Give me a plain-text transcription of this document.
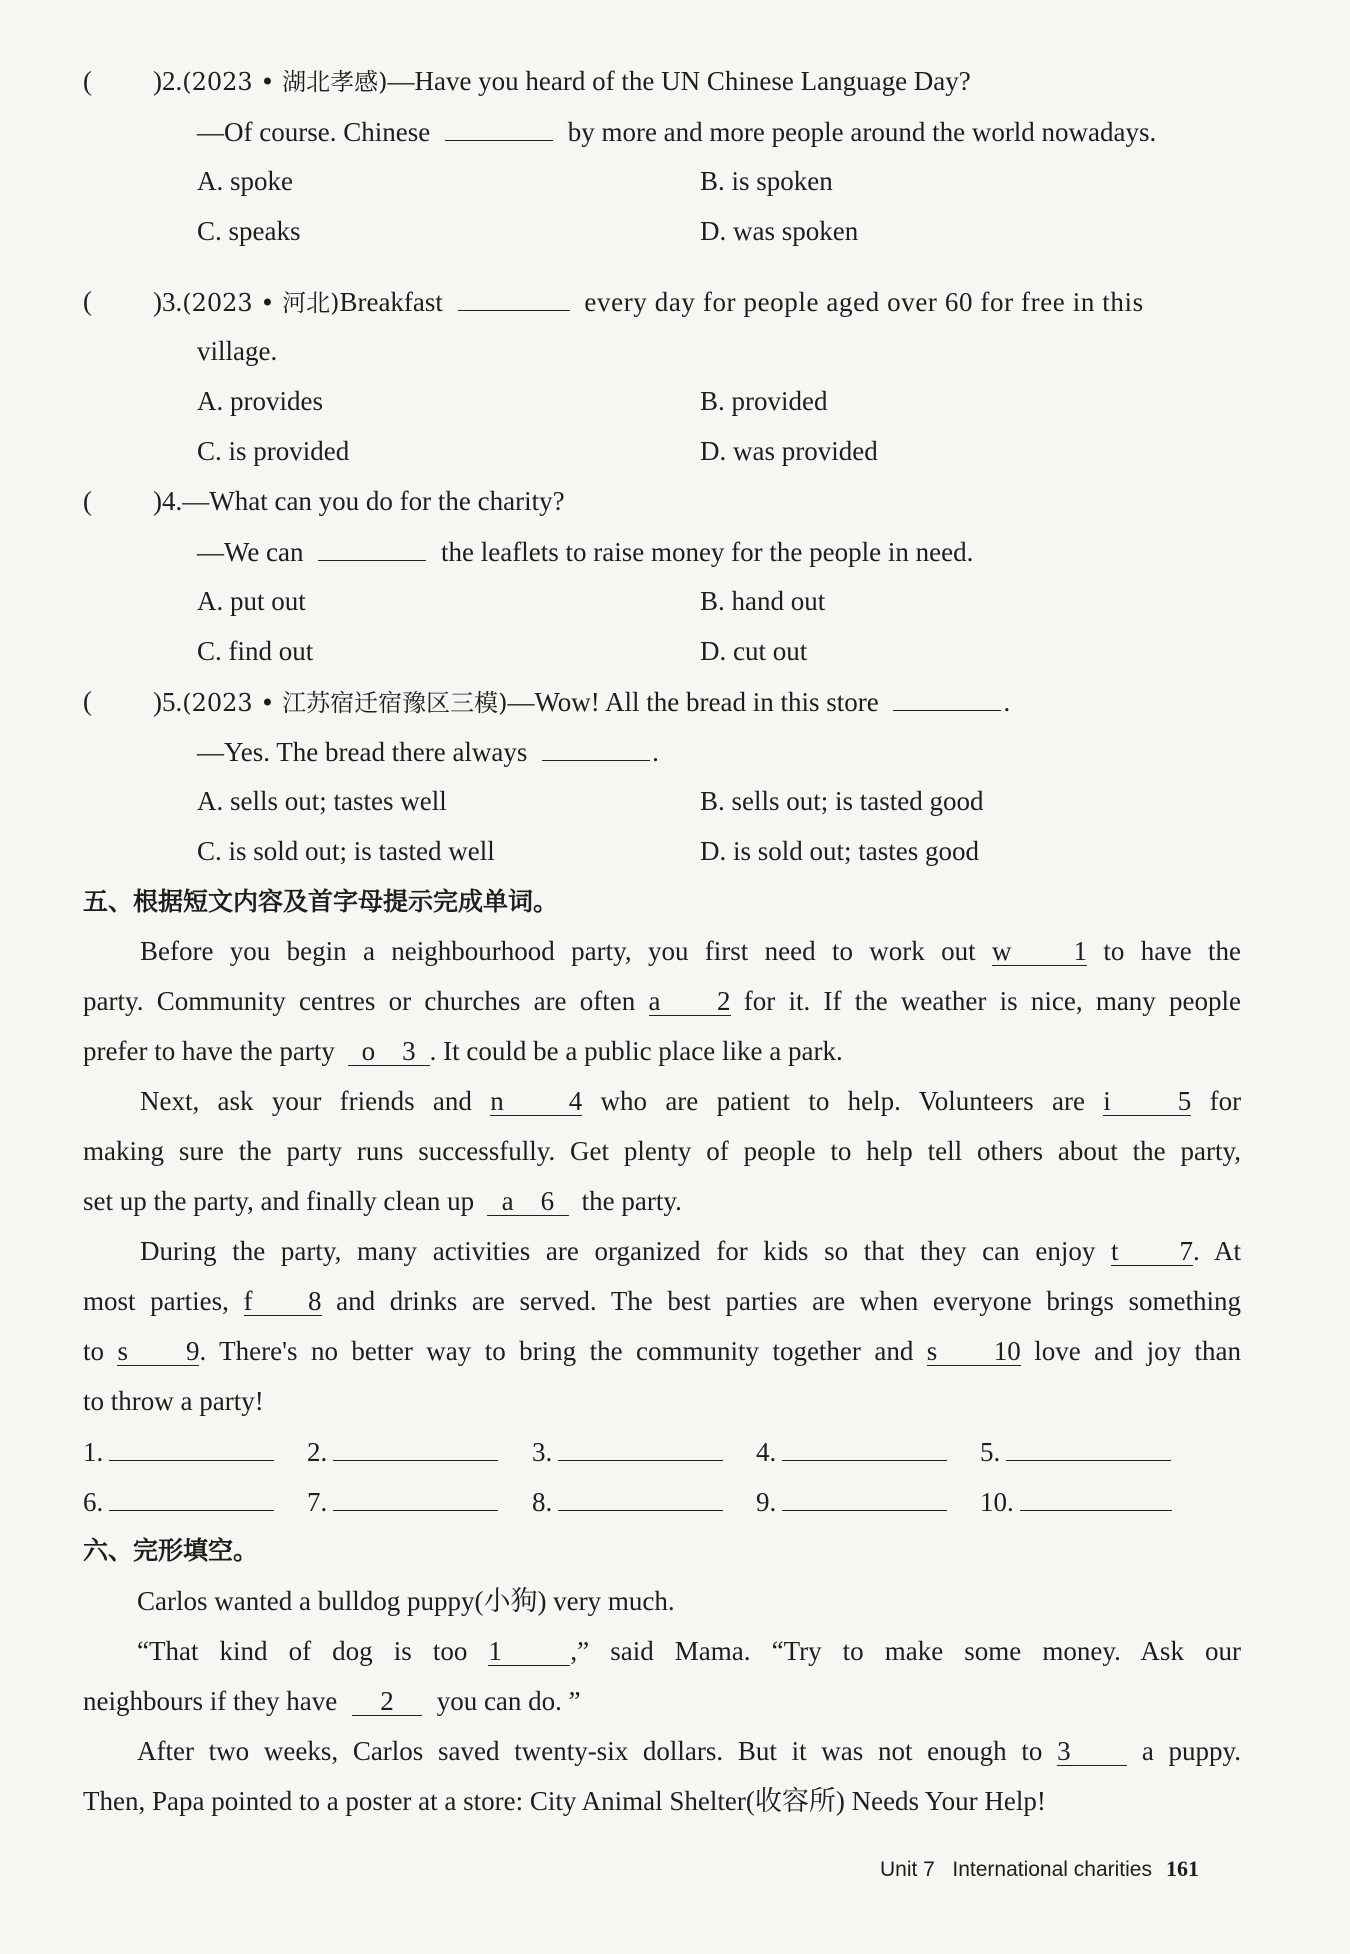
( )2.(2023 • 湖北孝感)—Have you heard of the UN Chinese Language Day?
—Of course. Chinese	by more and more people around the world nowadays.
A. spoke	B. is spoken
C. speaks	D. was spoken
( )3.(2023 • 河北)Breakfast	every day for people aged over 60 for free in this
village.
A. provides	B. provided
C. is provided	D. was provided
( )4.—What can you do for the charity?
—We can	the leaflets to raise money for the people in need.
A. put out	B. hand out
C. find out	D. cut out
( )5.(2023 • 江苏宿迁宿豫区三模)—Wow! All the bread in this store	.
—Yes. The bread there always	.
A. sells out; tastes well	B. sells out; is tasted good
C. is sold out; is tasted well	D. is sold out; tastes good
五、根据短文内容及首字母提示完成单词。
Before you begin a neighbourhood party, you first need to work out w 1 to have the
party. Community centres or churches are often a 2 for it. If the weather is nice, many people
prefer to have the party o 3 . It could be a public place like a park.
Next, ask your friends and n 4 who are patient to help. Volunteers are i 5 for
making sure the party runs successfully. Get plenty of people to help tell others about the party,
set up the party, and finally clean up a 6 the party.
During the party, many activities are organized for kids so that they can enjoy t 7. At
most parties, f 8 and drinks are served. The best parties are when everyone brings something
to s 9. There's no better way to bring the community together and s 10 love and joy than
to throw a party!
1.	2.	3.	4.	5.
6.	7.	8.	9.	10.
六、完形填空。
Carlos wanted a bulldog puppy(小狗) very much.
“That kind of dog is too 1	,” said Mama. “Try to make some money. Ask our
neighbours if they have 2 you can do. ”
After two weeks, Carlos saved twenty-six dollars. But it was not enough to 3	a puppy.
Then, Papa pointed to a poster at a store: City Animal Shelter(收容所) Needs Your Help!
Unit 7 International charities 161
